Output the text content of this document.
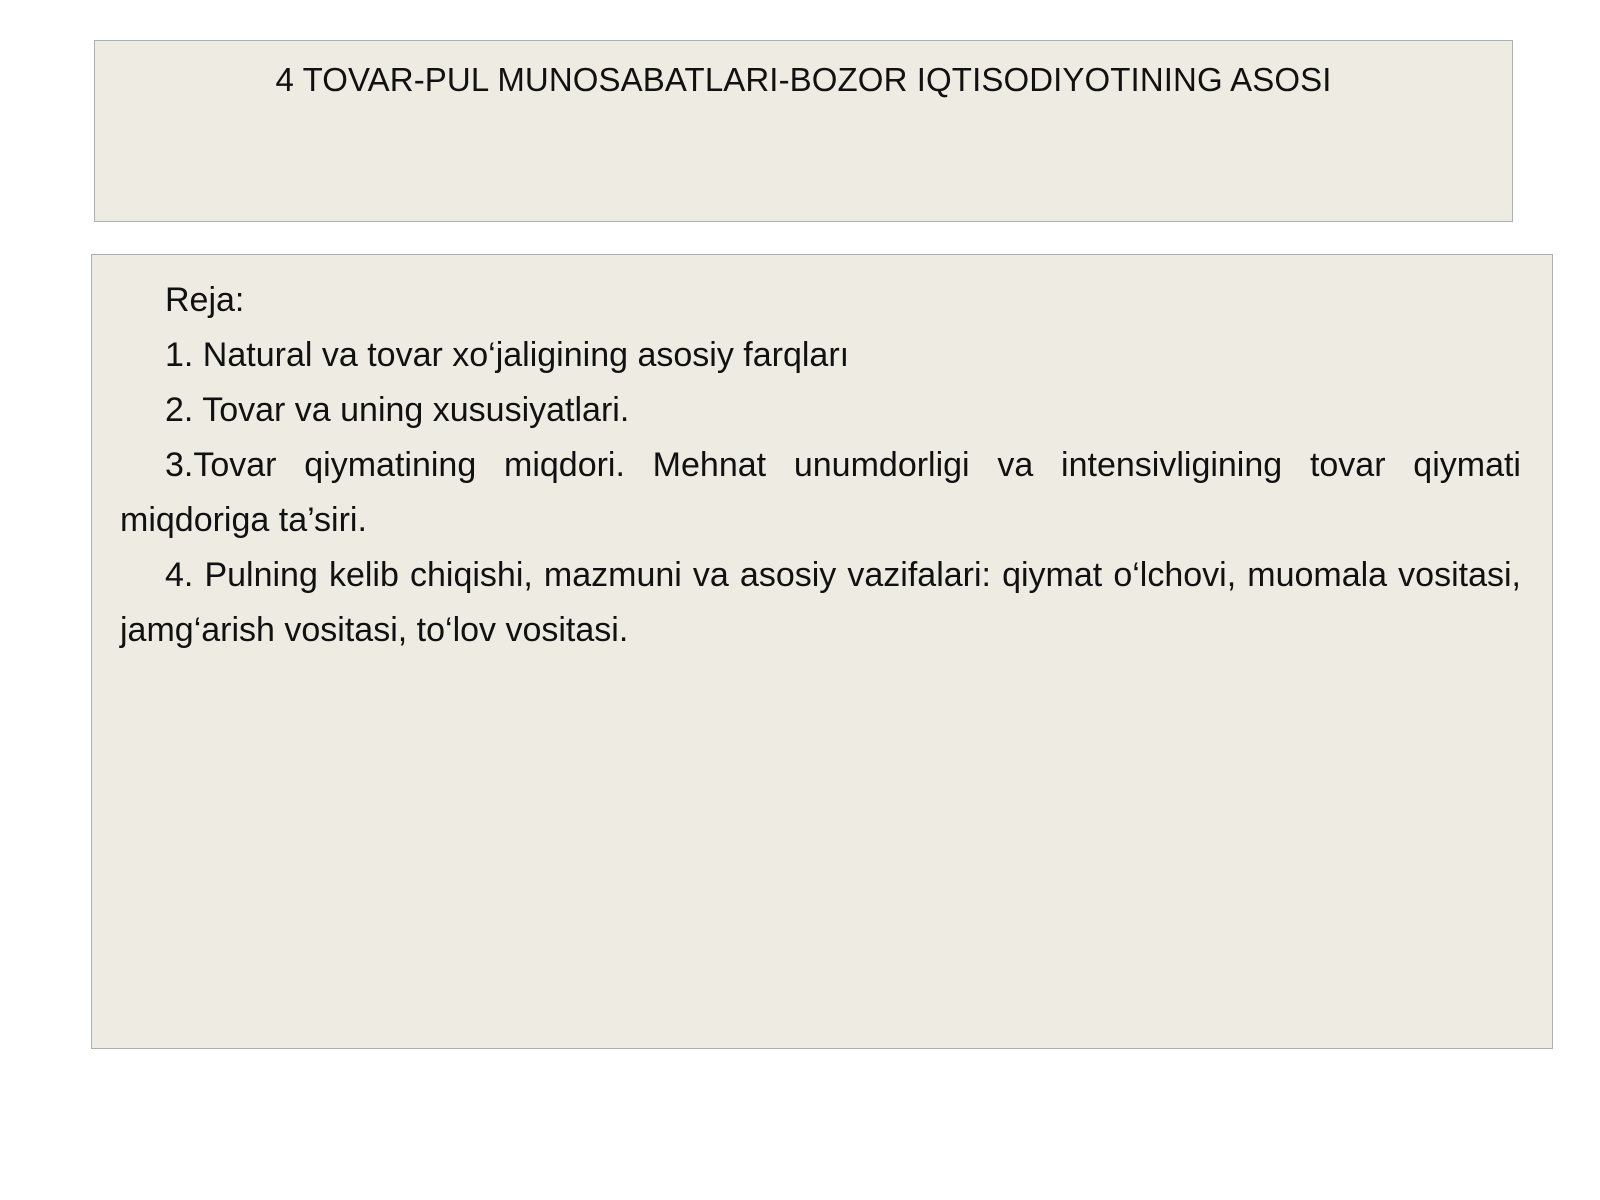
4 TOVAR-PUL MUNOSABATLARI-BOZOR IQTISODIYOTINING ASOSI

Reja:

1. Natural va tovar xo‘jaligining asosiy farqları

2. Tovar va uning xususiyatlari.

3.Tovar qiymatining miqdori. Mehnat unumdorligi va intensivligining tovar qiymati miqdoriga ta’siri.

4. Pulning kelib chiqishi, mazmuni va asosiy vazifalari: qiymat o‘lchovi, muomala vositasi, jamg‘arish vositasi, to‘lov vositasi.
